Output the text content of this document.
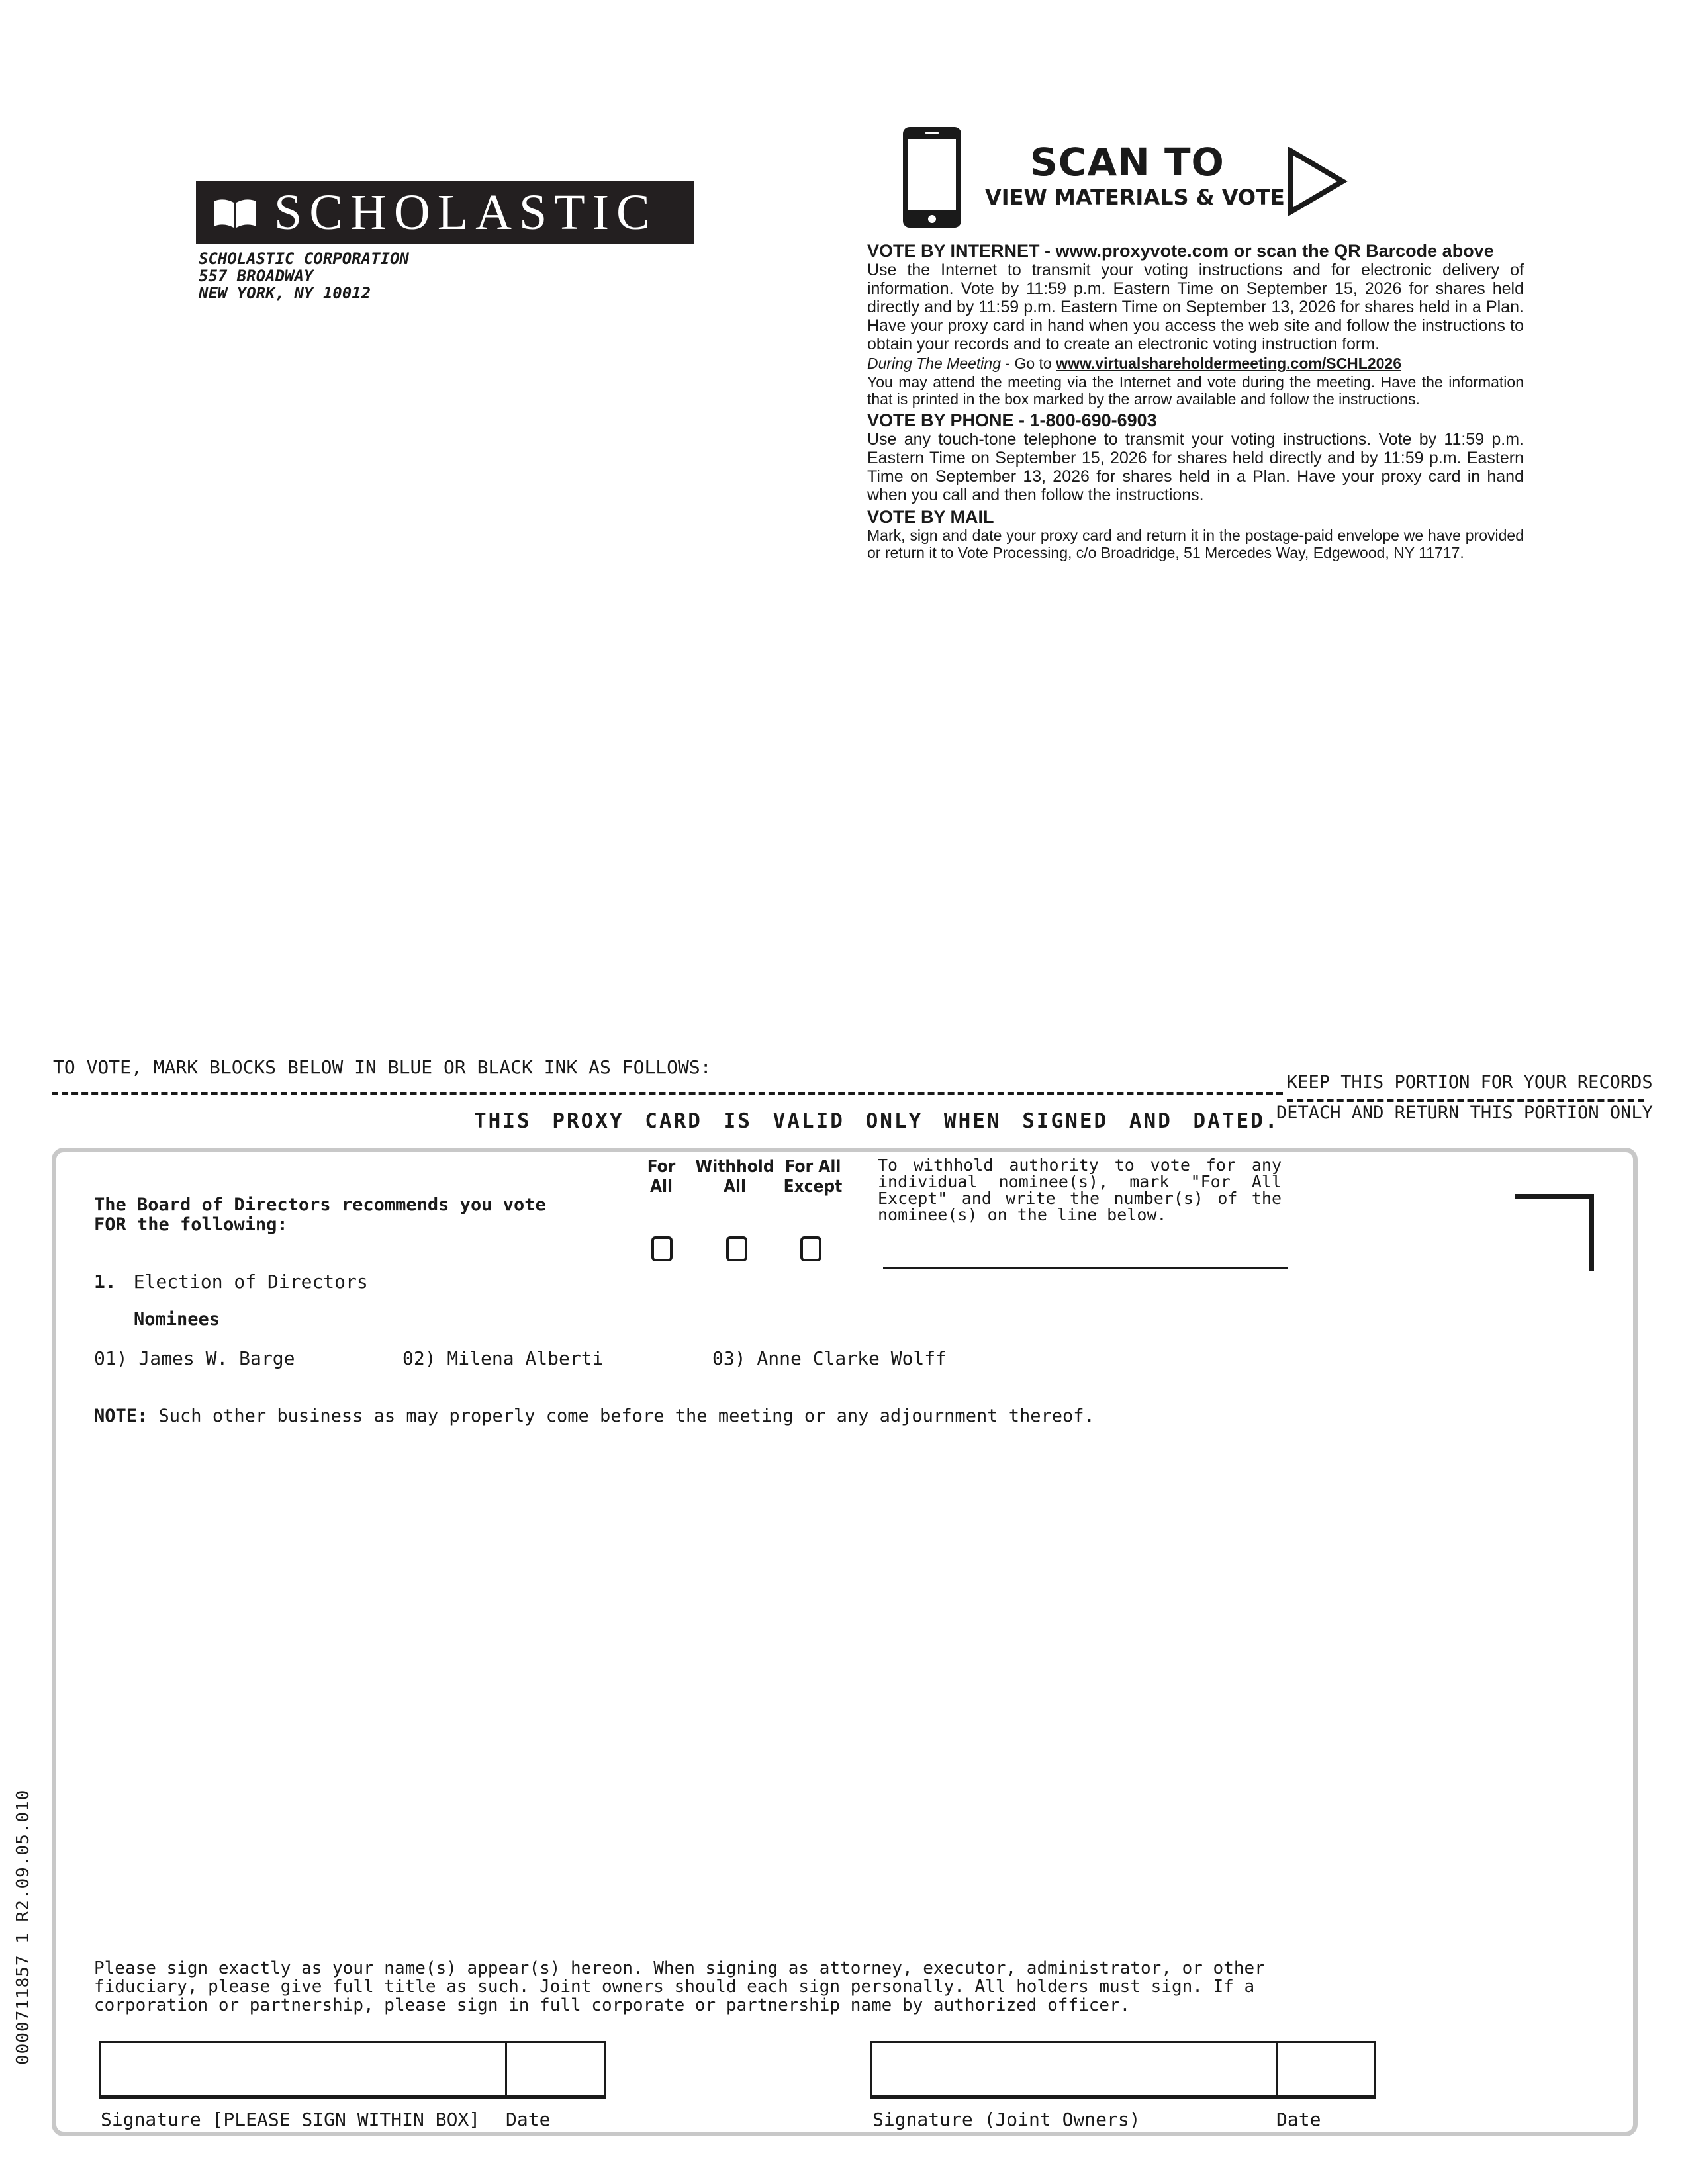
SCHOLASTIC
SCHOLASTIC CORPORATION
557 BROADWAY
NEW YORK, NY 10012
SCAN TO
VIEW MATERIALS & VOTE
VOTE BY INTERNET - www.proxyvote.com or scan the QR Barcode above

Use the Internet to transmit your voting instructions and for electronic delivery of information. Vote by 11:59 p.m. Eastern Time on September 15, 2026 for shares held directly and by 11:59 p.m. Eastern Time on September 13, 2026 for shares held in a Plan. Have your proxy card in hand when you access the web site and follow the instructions to obtain your records and to create an electronic voting instruction form.

During The Meeting - Go to www.virtualshareholdermeeting.com/SCHL2026

You may attend the meeting via the Internet and vote during the meeting. Have the information that is printed in the box marked by the arrow available and follow the instructions.

VOTE BY PHONE - 1-800-690-6903

Use any touch-tone telephone to transmit your voting instructions. Vote by 11:59 p.m. Eastern Time on September 15, 2026 for shares held directly and by 11:59 p.m. Eastern Time on September 13, 2026 for shares held in a Plan. Have your proxy card in hand when you call and then follow the instructions.

VOTE BY MAIL

Mark, sign and date your proxy card and return it in the postage-paid envelope we have provided or return it to Vote Processing, c/o Broadridge, 51 Mercedes Way, Edgewood, NY 11717.

TO VOTE, MARK BLOCKS BELOW IN BLUE OR BLACK INK AS FOLLOWS:
KEEP THIS PORTION FOR YOUR RECORDS
DETACH AND RETURN THIS PORTION ONLY
THIS PROXY CARD IS VALID ONLY WHEN SIGNED AND DATED.
The Board of Directors recommends you vote FOR the following:
For
All
Withhold
All
For All
Except
To withhold authority to vote for any individual nominee(s), mark "For All Except" and write the number(s) of the nominee(s) on the line below.
1. Election of Directors
Nominees
01) James W. Barge	02) Milena Alberti	03) Anne Clarke Wolff
NOTE: Such other business as may properly come before the meeting or any adjournment thereof.
0000711857_1 R2.09.05.010	Please sign exactly as your name(s) appear(s) hereon. When signing as attorney, executor, administrator, or other fiduciary, please give full title as such. Joint owners should each sign personally. All holders must sign. If a corporation or partnership, please sign in full corporate or partnership name by authorized officer.
Signature [PLEASE SIGN WITHIN BOX] Date	Signature (Joint Owners)	Date
